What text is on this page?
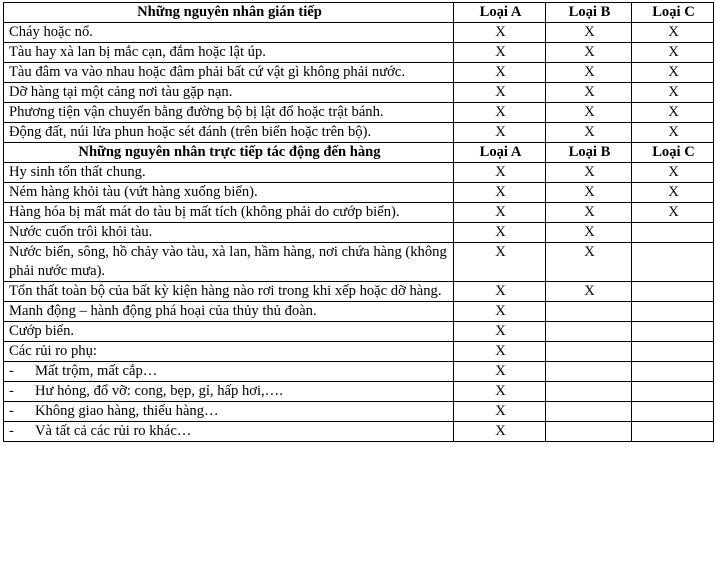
Những nguyên nhân gián tiếp	Loại A	Loại B	Loại C
Cháy hoặc nổ.	X	X	X
Tàu hay xà lan bị mắc cạn, đắm hoặc lật úp.	X	X	X
Tàu đâm va vào nhau hoặc đâm phải bất cứ vật gì không phải nước.	X	X	X
Dỡ hàng tại một cảng nơi tàu gặp nạn.	X	X	X
Phương tiện vận chuyển bằng đường bộ bị lật đổ hoặc trật bánh.	X	X	X
Động đất, núi lửa phun hoặc sét đánh (trên biển hoặc trên bộ).	X	X	X
Những nguyên nhân trực tiếp tác động đến hàng	Loại A	Loại B	Loại C
Hy sinh tổn thất chung.	X	X	X
Ném hàng khỏi tàu (vứt hàng xuống biển).	X	X	X
Hàng hóa bị mất mát do tàu bị mất tích (không phải do cướp biển).	X	X	X
Nước cuốn trôi khỏi tàu.	X	X	
Nước biển, sông, hồ chảy vào tàu, xà lan, hầm hàng, nơi chứa hàng (không phải nước mưa).	X	X	
Tổn thất toàn bộ của bất kỳ kiện hàng nào rơi trong khi xếp hoặc dỡ hàng.	X	X	
Manh động – hành động phá hoại của thủy thủ đoàn.	X		
Cướp biển.	X		
Các rủi ro phụ:	X		
- Mất trộm, mất cắp…	X		
- Hư hỏng, đổ vỡ: cong, bẹp, gỉ, hấp hơi,….	X		
- Không giao hàng, thiếu hàng…	X		
- Và tất cả các rủi ro khác…	X		
